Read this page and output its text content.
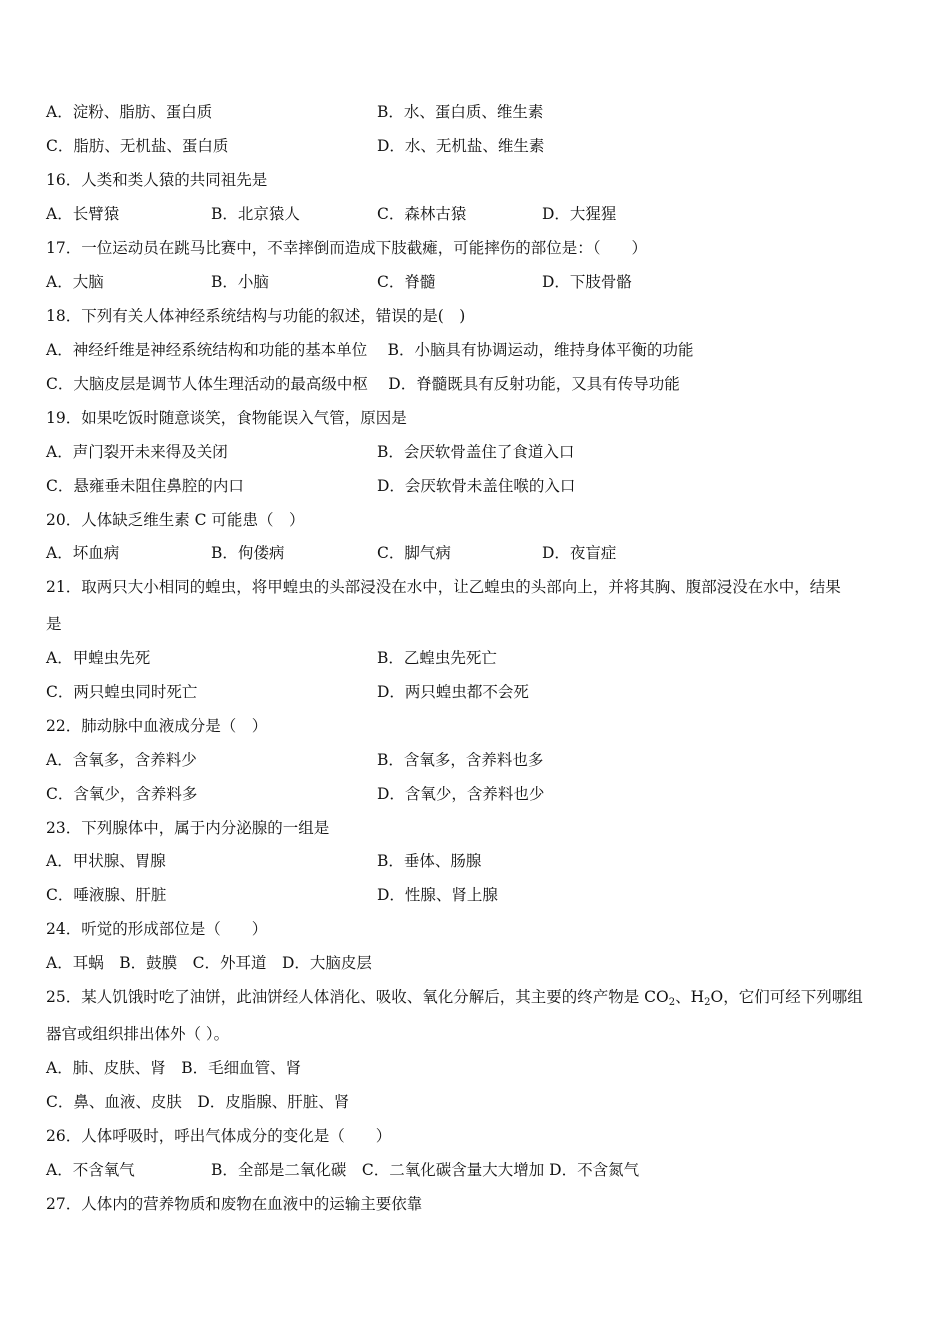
A．淀粉、脂肪、蛋白质	B．水、蛋白质、维生素
C．脂肪、无机盐、蛋白质	D．水、无机盐、维生素
16．人类和类人猿的共同祖先是
A．长臂猿	B．北京猿人	C．森林古猿	D．大猩猩
17．一位运动员在跳马比赛中，不幸摔倒而造成下肢截瘫，可能摔伤的部位是：（　　）
A．大脑	B．小脑	C．脊髓	D．下肢骨骼
18．下列有关人体神经系统结构与功能的叙述，错误的是(　)
A．神经纤维是神经系统结构和功能的基本单位　 B．小脑具有协调运动，维持身体平衡的功能
C．大脑皮层是调节人体生理活动的最高级中枢　 D．脊髓既具有反射功能，又具有传导功能
19．如果吃饭时随意谈笑，食物能误入气管，原因是
A．声门裂开未来得及关闭	B．会厌软骨盖住了食道入口
C．悬雍垂未阻住鼻腔的内口	D．会厌软骨未盖住喉的入口
20．人体缺乏维生素 C 可能患（　）
A．坏血病	B．佝偻病	C．脚气病	D．夜盲症
21．取两只大小相同的蝗虫，将甲蝗虫的头部浸没在水中，让乙蝗虫的头部向上，并将其胸、腹部浸没在水中，结果
是
A．甲蝗虫先死	B．乙蝗虫先死亡
C．两只蝗虫同时死亡	D．两只蝗虫都不会死
22．肺动脉中血液成分是（　）
A．含氧多，含养料少	B．含氧多，含养料也多
C．含氧少，含养料多	D．含氧少，含养料也少
23．下列腺体中，属于内分泌腺的一组是
A．甲状腺、胃腺	B．垂体、肠腺
C．唾液腺、肝脏	D．性腺、肾上腺
24．听觉的形成部位是（　　）
A．耳蜗　B．鼓膜　C．外耳道　D．大脑皮层
25．某人饥饿时吃了油饼，此油饼经人体消化、吸收、氧化分解后，其主要的终产物是 $CO_2$、$H_2O$，它们可经下列哪组
器官或组织排出体外（ ）。
A．肺、皮肤、肾　B．毛细血管、肾
C．鼻、血液、皮肤　D．皮脂腺、肝脏、肾
26．人体呼吸时，呼出气体成分的变化是（　　）
A．不含氧气	B．全部是二氧化碳　C．二氧化碳含量大大增加 D．不含氮气
27．人体内的营养物质和废物在血液中的运输主要依靠
